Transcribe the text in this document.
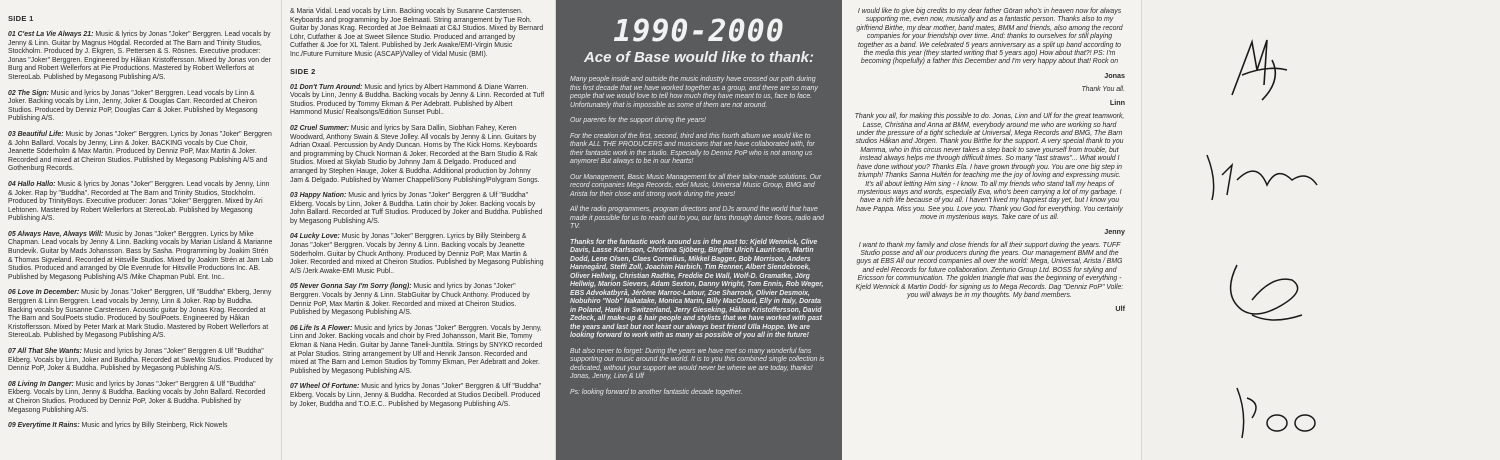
SIDE 1
01 C'est La Vie Always 21: Music & lyrics by Jonas "Joker" Berggren. Lead vocals by Jenny & Linn. Guitar by Magnus Högdal. Recorded at The Barn and Trinity Studios, Stockholm. Produced by J. Ekgren, S. Pettersen & S. Rösnes. Executive producer: Jonas "Joker" Berggren. Engineered by Håkan Kristoffersson. Mixed by Jonas von der Burg and Robert Wellerfors at Pie Productions. Mastered by Robert Wellerfors at StereoLab. Published by Megasong Publishing A/S.
02 The Sign: Music and lyrics by Jonas "Joker" Berggren. Lead vocals by Linn & Joker. Backing vocals by Linn, Jenny, Joker & Douglas Carr. Recorded at Cheiron Studios. Produced by Denniz PoP, Douglas Carr & Joker. Published by Megasong Publishing A/S.
03 Beautiful Life: Music by Jonas "Joker" Berggren. Lyrics by Jonas "Joker" Berggren & John Ballard. Vocals by Jenny, Linn & Joker. BACKING vocals by Cue Choir, Jeanette Söderholm & Max Martin. Produced by Denniz PoP, Max Martin & Joker. Recorded and mixed at Cheiron Studios. Published by Megasong Publishing A/S and Gothenburg Records.
04 Hallo Hallo: Music & lyrics by Jonas "Joker" Berggren. Lead vocals by Jenny, Linn & Joker. Rap by "Buddha". Recorded at The Barn and Trinity Studios, Stockholm. Produced by TrinityBoys. Executive producer: Jonas "Joker" Berggren. Mixed by Ari Lehtonen. Mastered by Robert Wellerfors at StereoLab. Published by Megasong Publishing A/S.
05 Always Have, Always Will: Music by Jonas "Joker" Berggren. Lyrics by Mike Chapman. Lead vocals by Jenny & Linn. Backing vocals by Marian Lisland & Marianne Bundevik. Guitar by Mads Johansson. Bass by Sasha. Programming by Joakim Strén & Thomas Sigveland. Recorded at Hitsville Studios. Mixed by Joakim Strén at Jam Lab Studios. Produced and arranged by Ole Evenrude for Hitsville Productions Inc. AB. Published by Megasong Publishing A/S /Mike Chapman Publ. Ent. Inc..
06 Love In December: Music by Jonas "Joker" Berggren, Ulf "Buddha" Ekberg, Jenny Berggren & Linn Berggren. Lead vocals by Jenny, Linn & Joker. Rap by Buddha. Backing vocals by Susanne Carstensen. Acoustic guitar by Jonas Krag. Recorded at The Barn and SoulPoets studio. Produced by SoulPoets. Engineered by Håkan Kristoffersson. Mixed by Peter Mark at Mark Studio. Mastered by Robert Wellerfors at StereoLab. Published by Megasong Publishing A/S.
07 All That She Wants: Music and lyrics by Jonas "Joker" Berggren & Ulf "Buddha" Ekberg. Vocals by Linn, Joker and Buddha. Recorded at SweMix Studios. Produced by Denniz PoP, Joker & Buddha. Published by Megasong Publishing A/S.
08 Living In Danger: Music and lyrics by Jonas "Joker" Berggren & Ulf "Buddha" Ekberg. Vocals by Linn, Jenny & Buddha. Backing vocals by John Ballard. Recorded at Cheiron Studios. Produced by Denniz PoP, Joker & Buddha. Published by Megasong Publishing A/S.
09 Everytime It Rains: Music and lyrics by Billy Steinberg, Rick Nowels
& Maria Vidal. Lead vocals by Linn. Backing vocals by Susanne Carstensen. Keyboards and programming by Joe Belmaati. String arrangement by Tue Roh. Guitar by Jonas Krag. Recorded at Joe Belmaati at C&J Studios. Mixed by Bernard Löhr, Cutfather & Joe at Sweet Silence Studio. Produced and arranged by Cutfather & Joe for XL Talent. Published by Jerk Awake/EMI-Virgin Music Inc./Future Furniture Music (ASCAP)/Valley of Vidal Music (BMI).
SIDE 2
01 Don't Turn Around: Music and lyrics by Albert Hammond & Diane Warren. Vocals by Linn, Jenny & Buddha. Backing vocals by Jenny & Linn. Recorded at Tuff Studios. Produced by Tommy Ekman & Per Adebratt. Published by Albert Hammond Music/ Realsongs/Edition Sunset Publ..
02 Cruel Summer: Music and lyrics by Sara Dallin, Siobhan Fahey, Keren Woodward, Anthony Swain & Steve Jolley. All vocals by Jenny & Linn. Guitars by Adrian Oxaal. Percussion by Andy Duncan. Horns by The Kick Horns. Keyboards and programming by Chuck Norman & Joker. Recorded at the Barn Studio & Rak Studios. Mixed at Skylab Studio by Johnny Jam & Delgado. Produced and arranged by Stephen Hauge, Joker & Buddha. Additional production by Johnny Jam & Delgado. Published by Warner Chappell/Sony Publishing/Polygram Songs.
03 Happy Nation: Music and lyrics by Jonas "Joker" Berggren & Ulf "Buddha" Ekberg. Vocals by Linn, Joker & Buddha. Latin choir by Joker. Backing vocals by John Ballard. Recorded at Tuff Studios. Produced by Joker and Buddha. Published by Megasong Publishing A/S.
04 Lucky Love: Music by Jonas "Joker" Berggren. Lyrics by Billy Steinberg & Jonas "Joker" Berggren. Vocals by Jenny & Linn. Backing vocals by Jeanette Söderholm. Guitar by Chuck Anthony. Produced by Denniz PoP, Max Martin & Joker. Recorded and mixed at Cheiron Studios. Published by Megasong Publishing A/S /Jerk Awake-EMI Music Publ..
05 Never Gonna Say I'm Sorry (long): Music and lyrics by Jonas "Joker" Berggren. Vocals by Jenny & Linn. StabGuitar by Chuck Anthony. Produced by Denniz PoP, Max Martin & Joker. Recorded and mixed at Cheiron Studios. Published by Megasong Publishing A/S.
06 Life Is A Flower: Music and lyrics by Jonas "Joker" Berggren. Vocals by Jenny, Linn and Joker. Backing vocals and choir by Fred Johansson, Marit Bie, Tommy Ekman & Nana Hedin. Guitar by Janne Taneli-Junttila. Strings by SNYKO recorded at Polar Studios. String arrangement by Ulf and Henrik Janson. Recorded and mixed at The Barn and Lemon Studios by Tommy Ekman, Per Adebratt and Joker. Published by Megasong Publishing A/S.
07 Wheel Of Fortune: Music and lyrics by Jonas "Joker" Berggren & Ulf "Buddha" Ekberg. Vocals by Linn, Jenny & Buddha. Recorded at Studios Decibell. Produced by Joker, Buddha and T.O.E.C.. Published by Megasong Publishing A/S.
1990-2000
Ace of Base would like to thank:
Many people inside and outside the music industry have crossed our path during this first decade that we have worked together as a group, and there are so many people that we would love to tell how much they have meant to us, face to face. Unfortunately that is impossible as some of them are not around.
Our parents for the support during the years!
For the creation of the first, second, third and this fourth album we would like to thank ALL THE PRODUCERS and musicians that we have collaborated with, for their fantastic work in the studio. Especially to Denniz PoP who is not among us anymore! But always to be in our hearts!
Our Management, Basic Music Management for all their tailor-made solutions. Our record companies Mega Records, edel Music, Universal Music Group, BMG and Arista for their close and strong work during the years!
All the radio programmers, program directors and DJs around the world that have made it possible for us to reach out to you, our fans through dance floors, radio and TV.
Thanks for the fantastic work around us in the past to: Kjeld Wennick, Clive Davis, Lasse Karlsson, Christina Sjöberg, Birgitte Ulrich Laurit-sen, Martin Dodd, Lene Olsen, Claes Cornelius, Mikkel Bagger, Bob Morrison, Anders Hannegård, Steffi Zoll, Joachim Harbich, Tim Renner, Albert Slendebroek, Oliver Hellwig, Christian Radtke, Freddie De Wall, Wolf-D. Gramatke, Jörg Hellwig, Marion Sievers, Adam Sexton, Danny Wright, Tom Ennis, Rob Weger, EBS Advokatbyrå, Jérôme Marroc-Latour, Zoe Sharrock, Olivier Desmoix, Nobuhiro "Nob" Nakatake, Monica Marin, Billy MacCloud, Elly in Italy, Dorata in Poland, Hank in Switzerland, Jerry Gieseking, Håkan Kristoffersson, David Zedeck, all make-up & hair people and stylists that we have worked with past the years and last but not least our always best friend Ulla Hoppe. We are looking forward to work with as many as possible of you all in the future!
But also never to forget: During the years we have met so many wonderful fans supporting our music around the world. It is to you this combined single collection is dedicated, without your support we would never be where we are today, thanks! Jonas, Jenny, Linn & Ulf
Ps: looking forward to another fantastic decade together.
I would like to give big credits to my dear father Göran who's in heaven now for always supporting me, even now, musically and as a fantastic person. Thanks also to my girlfriend Birthe, my dear mother, band mates, BMM and friends, also among the record companies for your friendship over time. And: thanks to ourselves for still playing together as a band. We celebrated 5 years anniversary as a split up band according to the media this year (they started writing that 5 years ago) How about that?! PS: I'm becoming (hopefully) a father this December and I'm very happy about that! Rock on
Jonas
Thank You all.
Linn
Thank you all, for making this possible to do. Jonas, Linn and Ulf for the great teamwork, Lasse, Christina and Anna at BMM, everybody around me who are working so hard under the pressure of a tight schedule at Universal, Mega Records and BMG, The Barn studios Håkan and Jörgen. Thank you Birthe for the support. A very special thank to you Mamma, who in this circus never takes a step back to save yourself from trouble, but instead always helps me through difficult times. So many "last straws"... What would I have done without you? Thanks Ela. I have grown through you. You are one big step in triumph! Thanks Sanna Hultén for teaching me the joy of loving and expressing music. It's all about letting Him sing - I know. To all my friends who stand tall my heaps of mysterious ways and words, especially Eva, who's been carrying a lot of my garbage. I have a rich life because of you all. I haven't lived my happiest day yet, but I know you have Pappa. Miss you. See you. Love you. Thank you God for everything. You certainly move in mysterious ways. Take care of us all.
Jenny
I want to thank my family and close friends for all their support during the years. TUFF Studio posse and all our producers during the years. Our management BMM and the guys at EBS All our record companies all over the world: Mega, Universal, Arista / BMG and edel Records for future collaboration. Zenturio Group Ltd. BOSS for styling and Ericsson for communication. The golden triangle that was the beginning of everything - Kjeld Wennick & Martin Dodd- for signing us to Mega Records. Dag "Denniz PoP" Volle: you will always be in my thoughts. My band members.
Ulf
